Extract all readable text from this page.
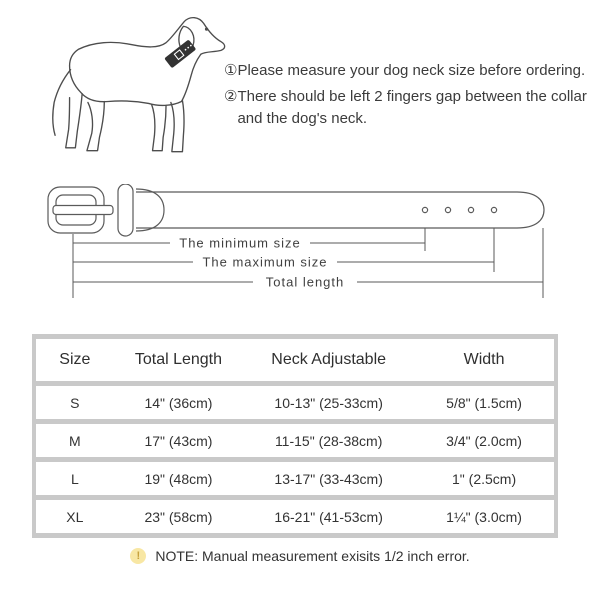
① Please measure your dog neck size before ordering.
② There should be left 2 fingers gap between the collar and the dog's neck.
The minimum size
The maximum size
Total length
Size	Total Length	Neck Adjustable	Width
S	14" (36cm)	10-13" (25-33cm)	5/8" (1.5cm)
M	17" (43cm)	11-15" (28-38cm)	3/4" (2.0cm)
L	19" (48cm)	13-17" (33-43cm)	1" (2.5cm)
XL	23" (58cm)	16-21" (41-53cm)	1¼" (3.0cm)
!	NOTE: Manual measurement exisits 1/2 inch error.
